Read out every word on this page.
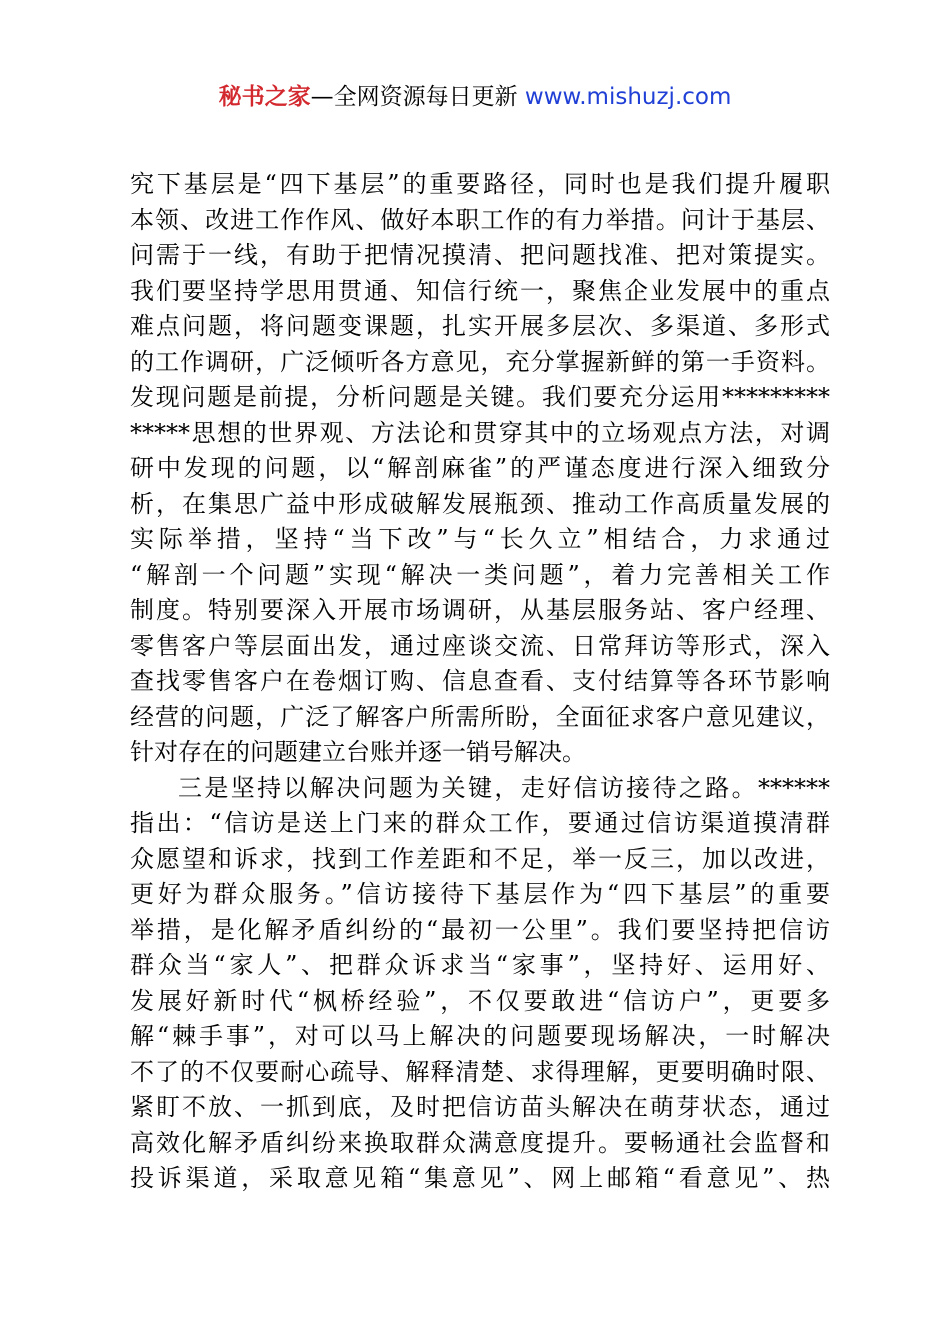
秘书之家—全网资源每日更新 www.mishuzj.com
究下基层是“四下基层”的重要路径，同时也是我们提升履职
本领、改进工作作风、做好本职工作的有力举措。问计于基层、
问需于一线，有助于把情况摸清、把问题找准、把对策提实。
我们要坚持学思用贯通、知信行统一，聚焦企业发展中的重点
难点问题，将问题变课题，扎实开展多层次、多渠道、多形式
的工作调研，广泛倾听各方意见，充分掌握新鲜的第一手资料。
发现问题是前提，分析问题是关键。我们要充分运用*********
*****思想的世界观、方法论和贯穿其中的立场观点方法，对调
研中发现的问题，以“解剖麻雀”的严谨态度进行深入细致分
析，在集思广益中形成破解发展瓶颈、推动工作高质量发展的
实际举措，坚持“当下改”与“长久立”相结合，力求通过
“解剖一个问题”实现“解决一类问题”，着力完善相关工作
制度。特别要深入开展市场调研，从基层服务站、客户经理、
零售客户等层面出发，通过座谈交流、日常拜访等形式，深入
查找零售客户在卷烟订购、信息查看、支付结算等各环节影响
经营的问题，广泛了解客户所需所盼，全面征求客户意见建议，
针对存在的问题建立台账并逐一销号解决。
三是坚持以解决问题为关键，走好信访接待之路。******
指出：“信访是送上门来的群众工作，要通过信访渠道摸清群
众愿望和诉求，找到工作差距和不足，举一反三，加以改进，
更好为群众服务。”信访接待下基层作为“四下基层”的重要
举措，是化解矛盾纠纷的“最初一公里”。我们要坚持把信访
群众当“家人”、把群众诉求当“家事”，坚持好、运用好、
发展好新时代“枫桥经验”，不仅要敢进“信访户”，更要多
解“棘手事”，对可以马上解决的问题要现场解决，一时解决
不了的不仅要耐心疏导、解释清楚、求得理解，更要明确时限、
紧盯不放、一抓到底，及时把信访苗头解决在萌芽状态，通过
高效化解矛盾纠纷来换取群众满意度提升。要畅通社会监督和
投诉渠道，采取意见箱“集意见”、网上邮箱“看意见”、热
